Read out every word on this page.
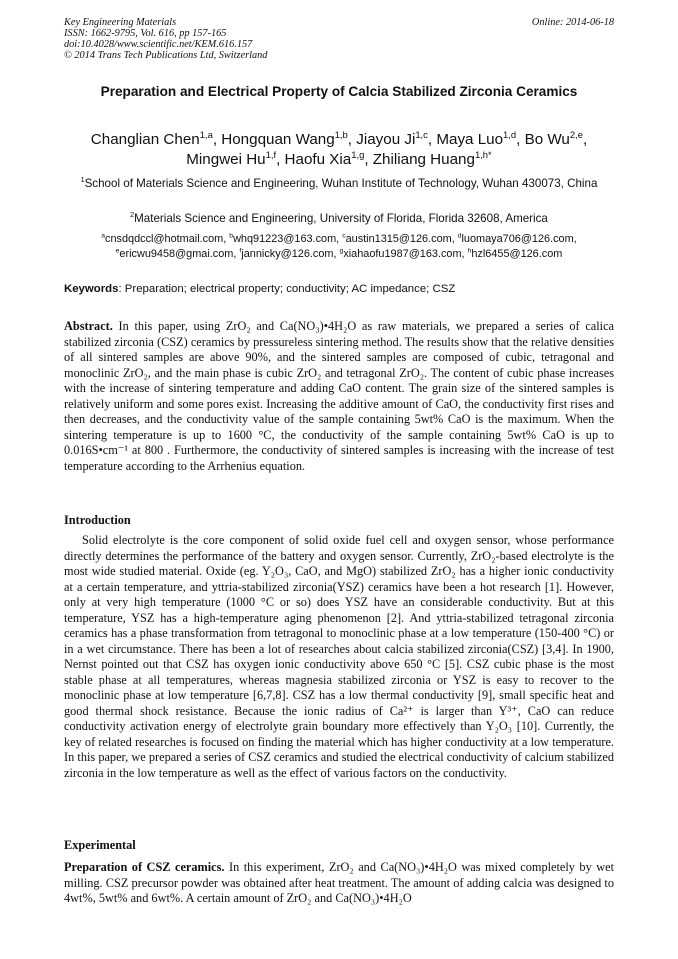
Key Engineering Materials
ISSN: 1662-9795, Vol. 616, pp 157-165
doi:10.4028/www.scientific.net/KEM.616.157
© 2014 Trans Tech Publications Ltd, Switzerland
Online: 2014-06-18
Preparation and Electrical Property of Calcia Stabilized Zirconia Ceramics
Changlian Chen$^{1,a}$, Hongquan Wang$^{1,b}$, Jiayou Ji$^{1,c}$, Maya Luo$^{1,d}$, Bo Wu$^{2,e}$, Mingwei Hu$^{1,f}$, Haofu Xia$^{1,g}$, Zhiliang Huang$^{1,h*}$
$^1$School of Materials Science and Engineering, Wuhan Institute of Technology, Wuhan 430073, China
$^2$Materials Science and Engineering, University of Florida, Florida 32608, America
$^a$cnsdqdccl@hotmail.com, $^b$whq91223@163.com, $^c$austin1315@126.com, $^d$luomaya706@126.com, $^e$ericwu9458@gmai.com, $^f$jannicky@126.com, $^g$xiahaofu1987@163.com, $^h$hzl6455@126.com
Keywords: Preparation; electrical property; conductivity; AC impedance; CSZ
Abstract. In this paper, using ZrO₂ and Ca(NO₃)•4H₂O as raw materials, we prepared a series of calica stabilized zirconia (CSZ) ceramics by pressureless sintering method. The results show that the relative densities of all sintered samples are above 90%, and the sintered samples are composed of cubic, tetragonal and monoclinic ZrO₂, and the main phase is cubic ZrO₂ and tetragonal ZrO₂. The content of cubic phase increases with the increase of sintering temperature and adding CaO content. The grain size of the sintered samples is relatively uniform and some pores exist. Increasing the additive amount of CaO, the conductivity first rises and then decreases, and the conductivity value of the sample containing 5wt% CaO is the maximum. When the sintering temperature is up to 1600 °C, the conductivity of the sample containing 5wt% CaO is up to 0.016S•cm⁻¹ at 800 . Furthermore, the conductivity of sintered samples is increasing with the increase of test temperature according to the Arrhenius equation.
Introduction
Solid electrolyte is the core component of solid oxide fuel cell and oxygen sensor, whose performance directly determines the performance of the battery and oxygen sensor. Currently, ZrO₂-based electrolyte is the most wide studied material. Oxide (eg. Y₂O₃, CaO, and MgO) stabilized ZrO₂ has a higher ionic conductivity at a certain temperature, and yttria-stabilized zirconia(YSZ) ceramics have been a hot research [1]. However, only at very high temperature (1000 °C or so) does YSZ have an considerable conductivity. But at this temperature, YSZ has a high-temperature aging phenomenon [2]. And yttria-stabilized tetragonal zirconia ceramics has a phase transformation from tetragonal to monoclinic phase at a low temperature (150-400 °C) or in a wet circumstance. There has been a lot of researches about calcia stabilized zirconia(CSZ) [3,4]. In 1900, Nernst pointed out that CSZ has oxygen ionic conductivity above 650 °C [5]. CSZ cubic phase is the most stable phase at all temperatures, whereas magnesia stabilized zirconia or YSZ is easy to recover to the monoclinic phase at low temperature [6,7,8]. CSZ has a low thermal conductivity [9], small specific heat and good thermal shock resistance. Because the ionic radius of Ca²⁺ is larger than Y³⁺, CaO can reduce conductivity activation energy of electrolyte grain boundary more effectively than Y₂O₃ [10]. Currently, the key of related researches is focused on finding the material which has higher conductivity at a low temperature. In this paper, we prepared a series of CSZ ceramics and studied the electrical conductivity of calcium stabilized zirconia in the low temperature as well as the effect of various factors on the conductivity.
Experimental
Preparation of CSZ ceramics. In this experiment, ZrO₂ and Ca(NO₃)•4H₂O was mixed completely by wet milling. CSZ precursor powder was obtained after heat treatment. The amount of adding calcia was designed to 4wt%, 5wt% and 6wt%. A certain amount of ZrO₂ and Ca(NO₃)•4H₂O
